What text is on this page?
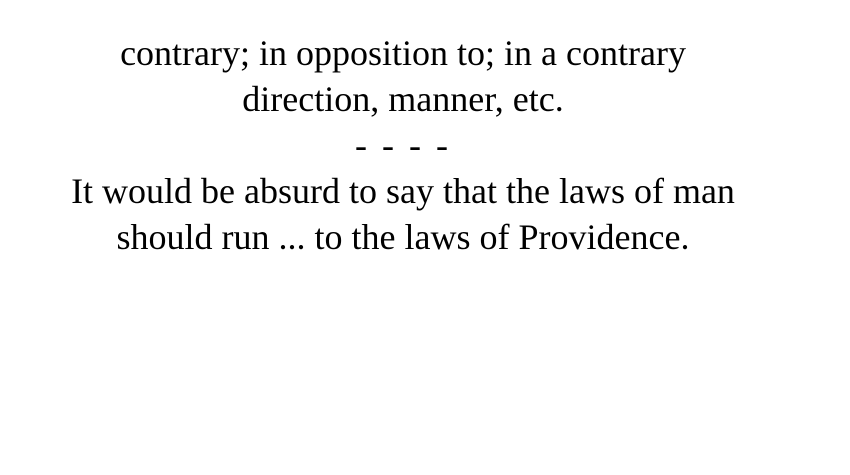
contrary; in opposition to; in a contrary
direction, manner, etc.

- - - -

It would be absurd to say that the laws of man
should run ... to the laws of Providence.
